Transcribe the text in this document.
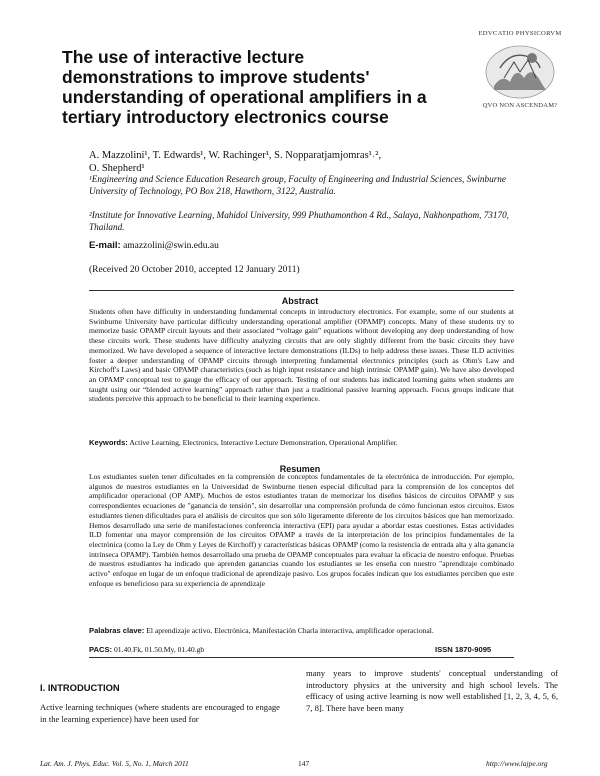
The use of interactive lecture demonstrations to improve students' understanding of operational amplifiers in a tertiary introductory electronics course

EDVCATIO PHYSICORVM

QVO NON ASCENDAM?

A. Mazzolini¹, T. Edwards¹, W. Rachinger¹, S. Nopparatjamjomras¹˒²,
O. Shepherd¹
¹Engineering and Science Education Research group, Faculty of Engineering and Industrial Sciences, Swinburne University of Technology, PO Box 218, Hawthorn, 3122, Australia.
²Institute for Innovative Learning, Mahidol University, 999 Phuthamonthon 4 Rd., Salaya, Nakhonpathom, 73170, Thailand.
E-mail: amazzolini@swin.edu.au
(Received 20 October 2010, accepted 12 January 2011)
Abstract

Students often have difficulty in understanding fundamental concepts in introductory electronics. For example, some of our students at Swinburne University have particular difficulty understanding operational amplifier (OPAMP) concepts. Many of these students try to memorize basic OPAMP circuit layouts and their associated “voltage gain” equations without developing any deep understanding of how these circuits work. These students have difficulty analyzing circuits that are only slightly different from the basic circuits they have memorized. We have developed a sequence of interactive lecture demonstrations (ILDs) to help address these issues. These ILD activities foster a deeper understanding of OPAMP circuits through interpreting fundamental electronics principles (such as Ohm's Law and Kirchoff's Laws) and basic OPAMP characteristics (such as high input resistance and high intrinsic OPAMP gain). We have also developed an OPAMP conceptual test to gauge the efficacy of our approach. Testing of our students has indicated learning gains when students are taught using our “blended active learning” approach rather than just a traditional passive learning approach. Focus groups indicate that students perceive this approach to be beneficial to their learning experience.

Keywords: Active Learning, Electronics, Interactive Lecture Demonstration, Operational Amplifier.
Resumen

Los estudiantes suelen tener dificultades en la comprensión de conceptos fundamentales de la electrónica de introducción. Por ejemplo, algunos de nuestros estudiantes en la Universidad de Swinburne tienen especial dificultad para la comprensión de los conceptos del amplificador operacional (OP AMP). Muchos de estos estudiantes tratan de memorizar los diseños básicos de circuitos OPAMP y sus correspondientes ecuaciones de "ganancia de tensión", sin desarrollar una comprensión profunda de cómo funcionan estos circuitos. Estos estudiantes tienen dificultades para el análisis de circuitos que son sólo ligeramente diferente de los circuitos básicos que han memorizado. Hemos desarrollado una serie de manifestaciones conferencia interactiva (EPI) para ayudar a abordar estas cuestiones. Estas actividades ILD fomentar una mayor comprensión de los circuitos OPAMP a través de la interpretación de los principios fundamentales de la electrónica (como la Ley de Ohm y Leyes de Kirchoff) y características básicas OPAMP (como la resistencia de entrada alta y alta ganancia intrínseca OPAMP). También hemos desarrollado una prueba de OPAMP conceptuales para evaluar la eficacia de nuestro enfoque. Pruebas de nuestros estudiantes ha indicado que aprenden ganancias cuando los estudiantes se les enseña con nuestro "aprendizaje combinado activo" enfoque en lugar de un enfoque tradicional de aprendizaje pasivo. Los grupos focales indican que los estudiantes perciben que este enfoque es beneficioso para su experiencia de aprendizaje

Palabras clave: El aprendizaje activo, Electrónica, Manifestación Charla interactiva, amplificador operacional.
PACS: 01.40.Fk, 01.50.My, 01.40.gb	ISSN 1870-9095
I. INTRODUCTION

Active learning techniques (where students are encouraged to engage in the learning experience) have been used for

many years to improve students' conceptual understanding of introductory physics at the university and high school levels. The efficacy of using active learning is now well established [1, 2, 3, 4, 5, 6, 7, 8]. There have been many

Lat. Am. J. Phys. Educ. Vol. 5, No. 1, March 2011	147	http://www.lajpe.org
